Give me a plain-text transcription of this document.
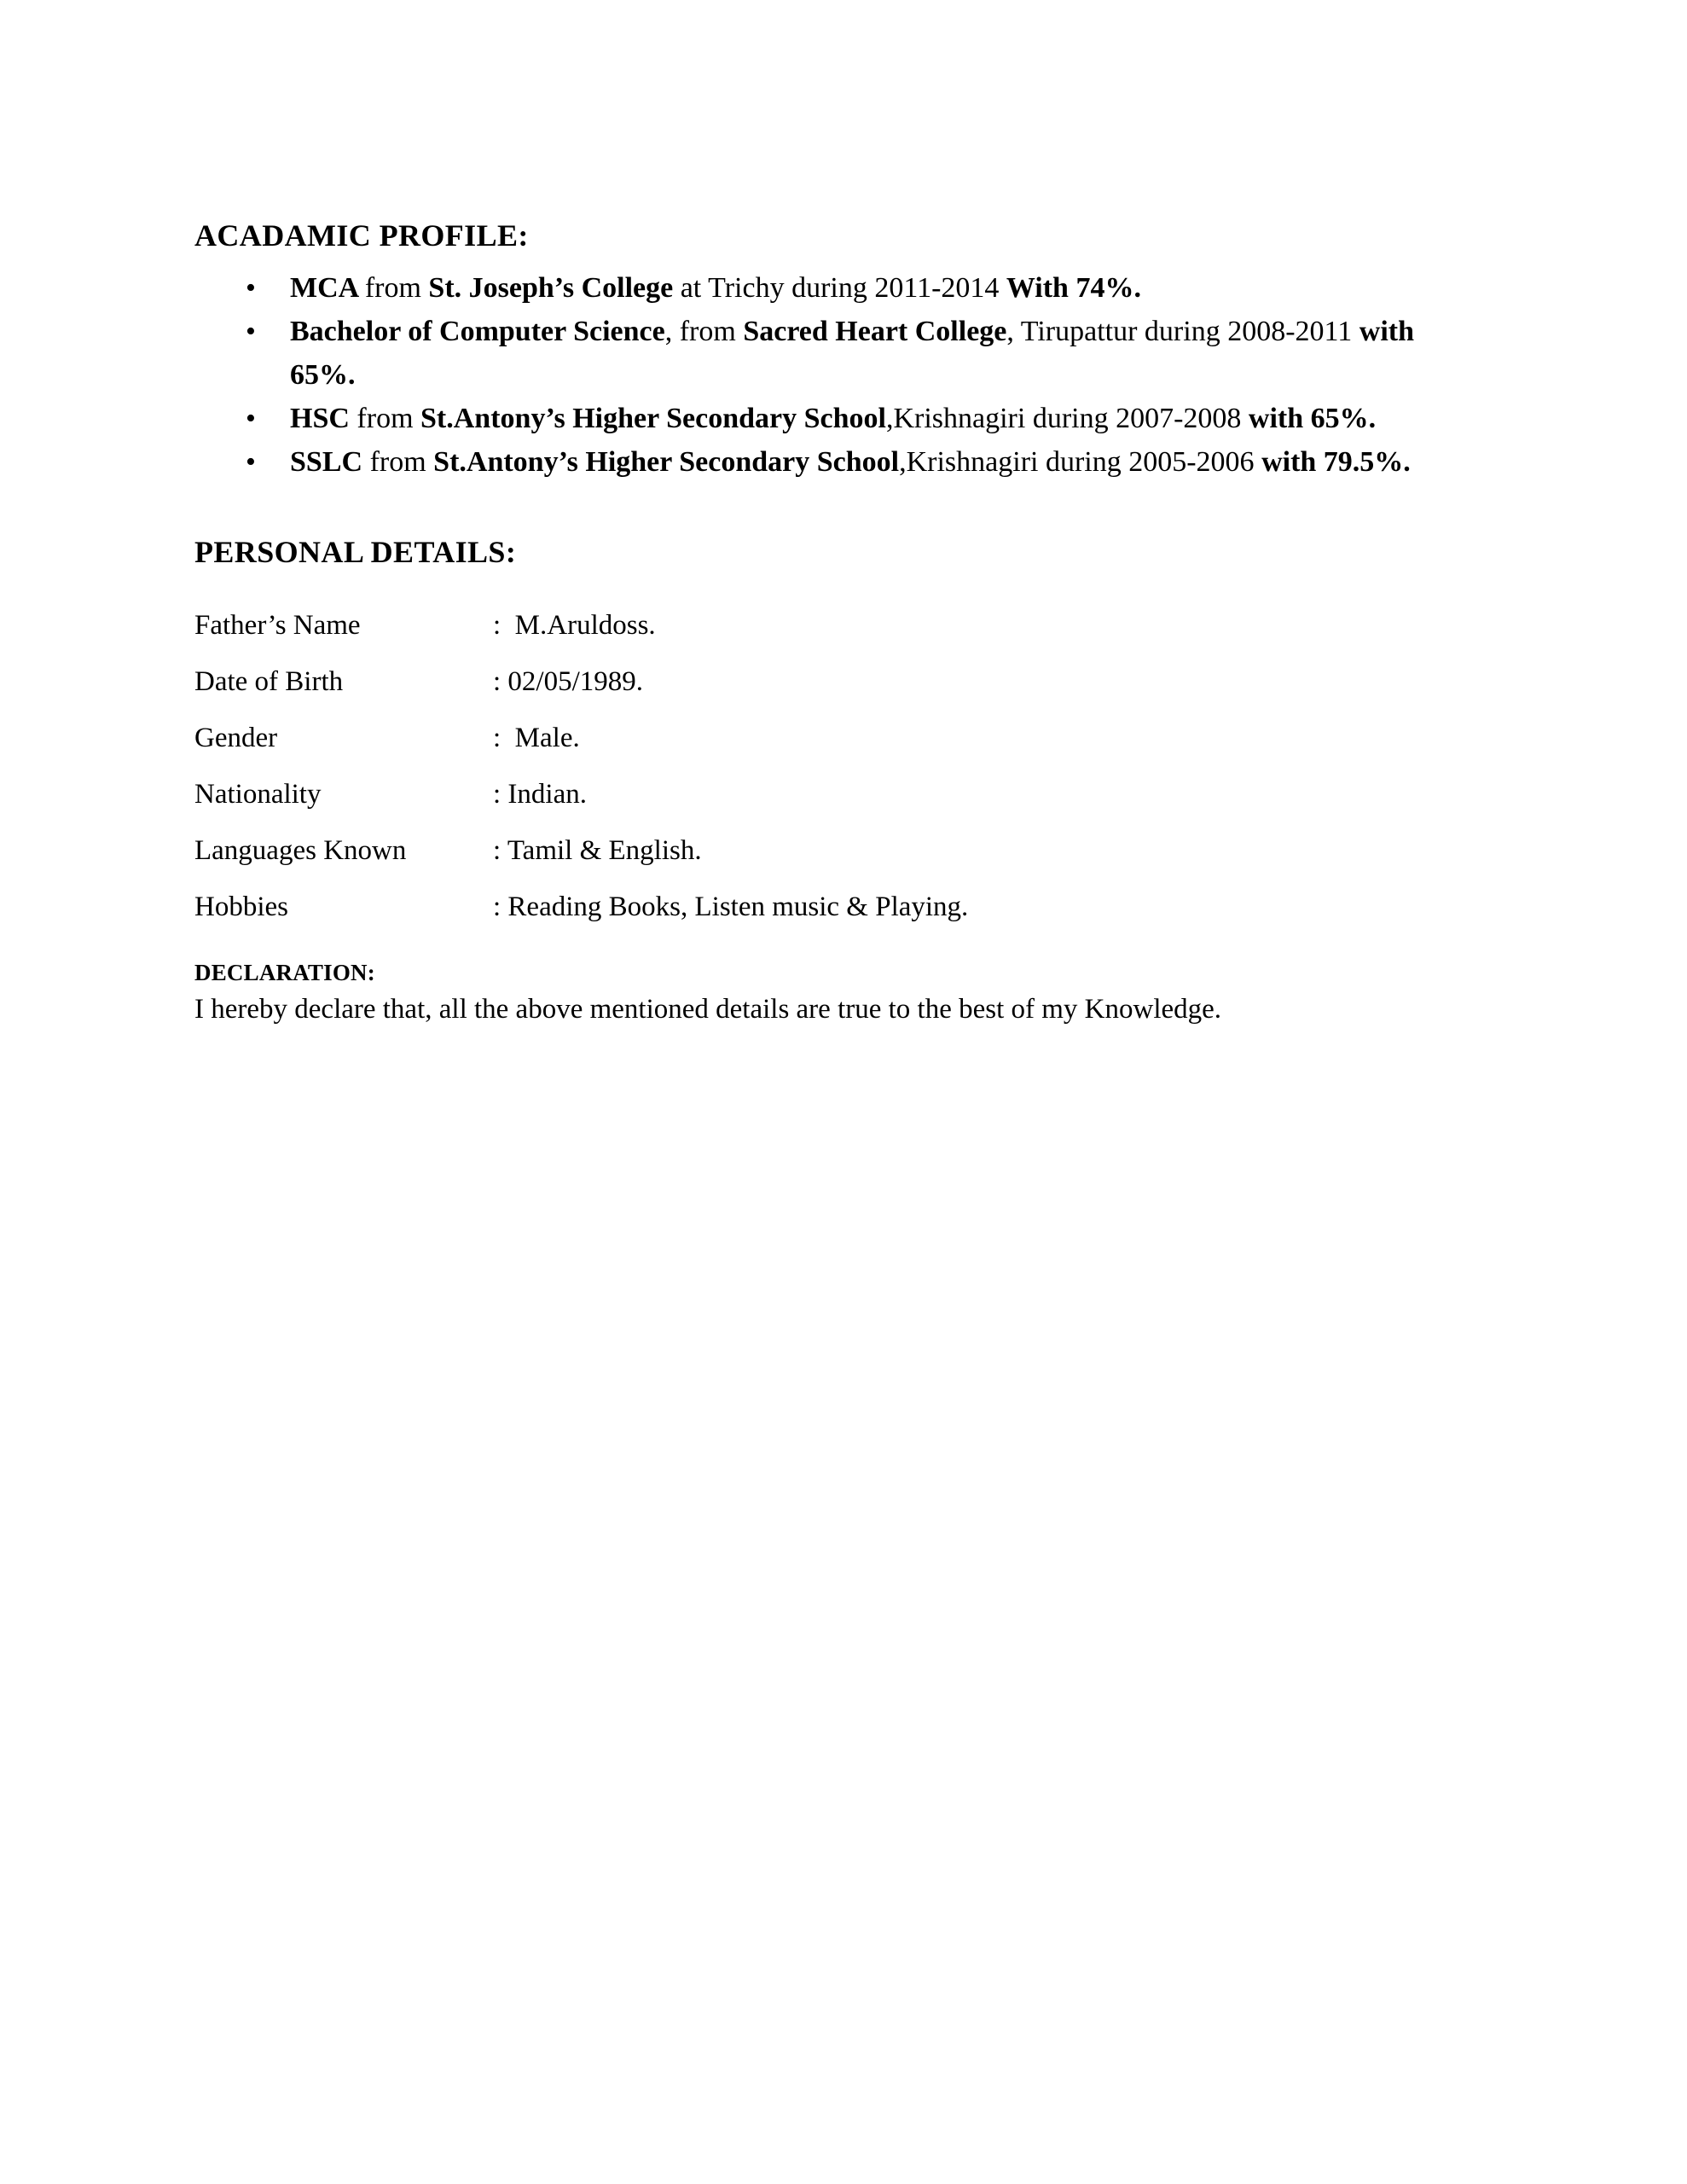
ACADAMIC PROFILE:
• MCA from St. Joseph’s College at Trichy during 2011-2014 With 74%.
• Bachelor of Computer Science, from Sacred Heart College, Tirupattur during 2008-2011 with 65%.
• HSC from St.Antony’s Higher Secondary School,Krishnagiri during 2007-2008 with 65%.
• SSLC from St.Antony’s Higher Secondary School,Krishnagiri during 2005-2006 with 79.5%.
PERSONAL DETAILS:
Father’s Name	:  M.Aruldoss.
Date of Birth	: 02/05/1989.
Gender	:  Male.
Nationality	: Indian.
Languages Known	: Tamil & English.
Hobbies	: Reading Books, Listen music & Playing.
DECLARATION:

I hereby declare that, all the above mentioned details are true to the best of my Knowledge.
